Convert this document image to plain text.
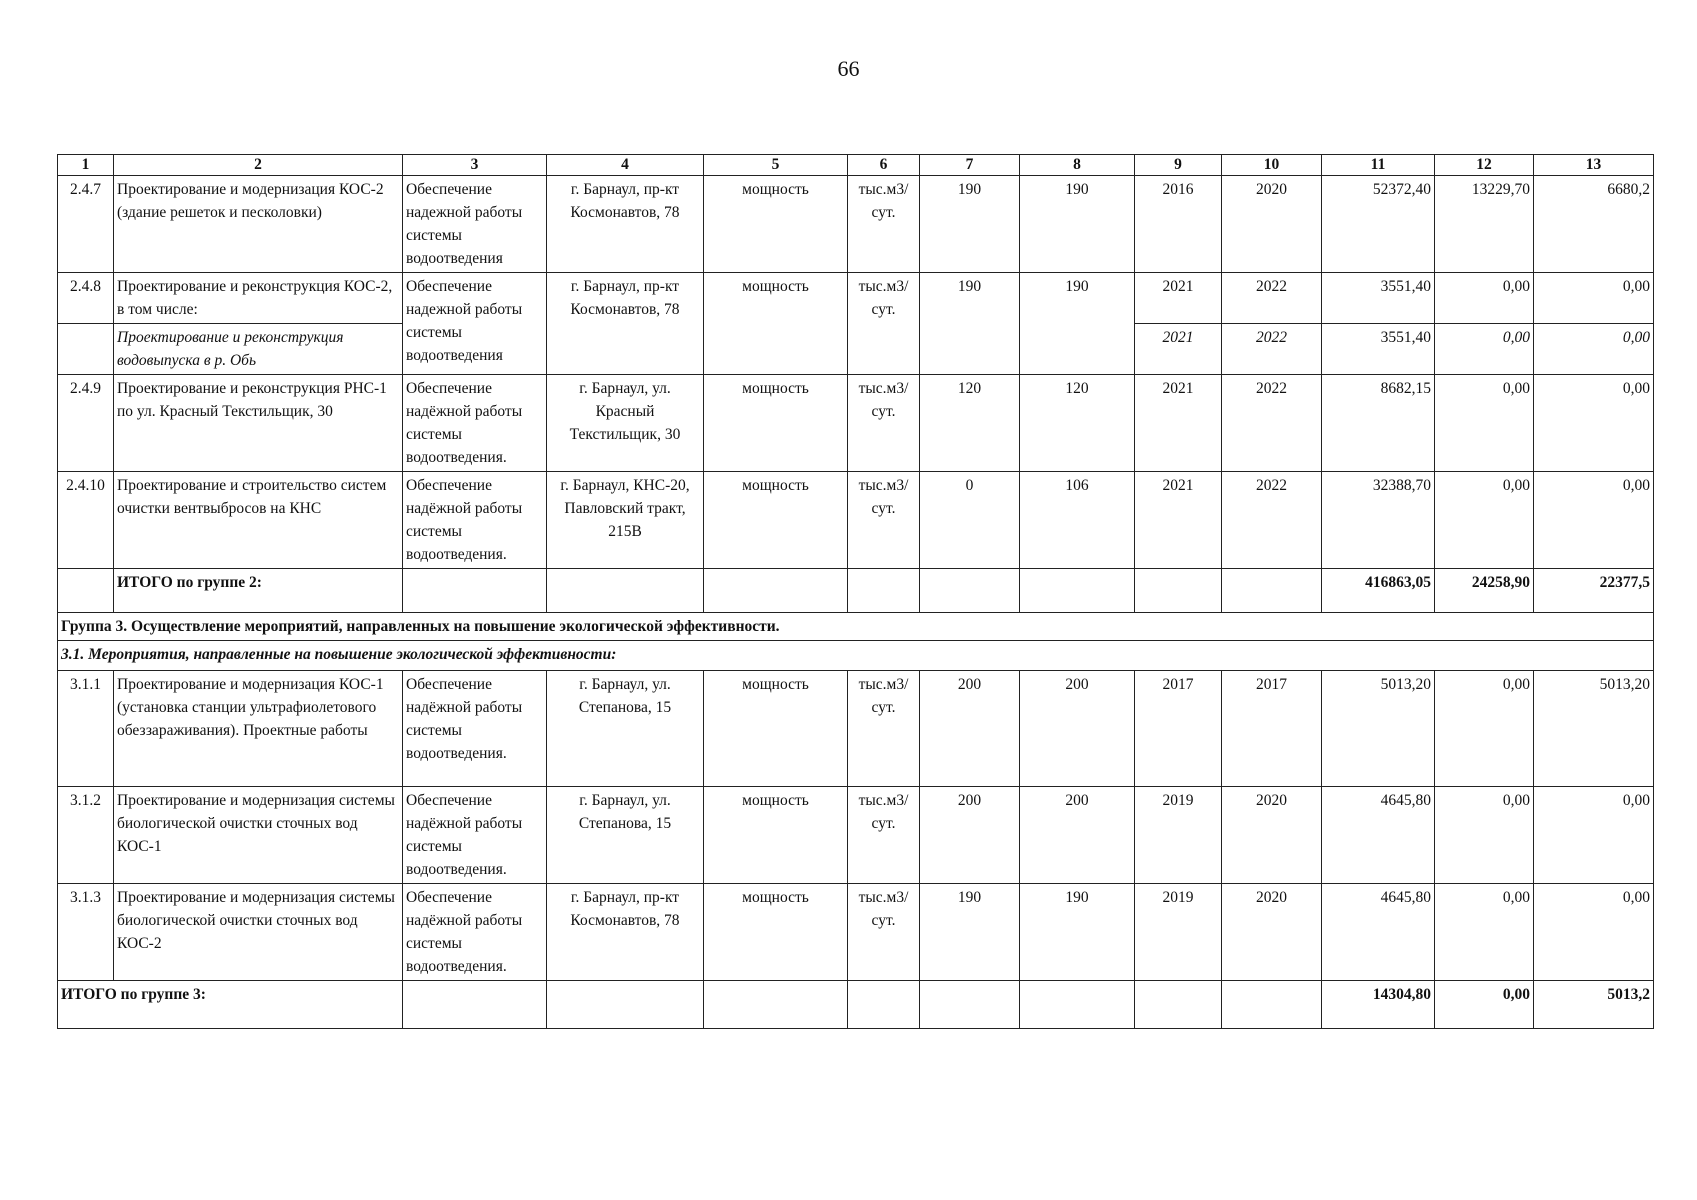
66
1	2	3	4	5	6	7	8	9	10	11	12	13
2.4.7	Проектирование и модернизация КОС-2 (здание решеток и песколовки)	Обеспечение надежной работы системы водоотведения	г. Барнаул, пр-кт Космонавтов, 78	мощность	тыс.м3/сут.	190	190	2016	2020	52372,40	13229,70	6680,2
2.4.8	Проектирование и реконструкция КОС-2, в том числе:	Обеспечение надежной работы системы водоотведения	г. Барнаул, пр-кт Космонавтов, 78	мощность	тыс.м3/сут.	190	190	2021	2022	3551,40	0,00	0,00
	Проектирование и реконструкция водовыпуска в р. Обь							2021	2022	3551,40	0,00	0,00
2.4.9	Проектирование и реконструкция РНС-1 по ул. Красный Текстильщик, 30	Обеспечение надёжной работы системы водоотведения.	г. Барнаул, ул. Красный Текстильщик, 30	мощность	тыс.м3/сут.	120	120	2021	2022	8682,15	0,00	0,00
2.4.10	Проектирование и строительство систем очистки вентвыбросов на КНС	Обеспечение надёжной работы системы водоотведения.	г. Барнаул, КНС-20, Павловский тракт, 215В	мощность	тыс.м3/сут.	0	106	2021	2022	32388,70	0,00	0,00
	ИТОГО по группе 2:									416863,05	24258,90	22377,5
Группа 3. Осуществление мероприятий, направленных на повышение экологической эффективности.												
3.1. Мероприятия, направленные на повышение экологической эффективности:												
3.1.1	Проектирование и модернизация КОС-1 (установка станции ультрафиолетового обеззараживания). Проектные работы	Обеспечение надёжной работы системы водоотведения.	г. Барнаул, ул. Степанова, 15	мощность	тыс.м3/сут.	200	200	2017	2017	5013,20	0,00	5013,20
3.1.2	Проектирование и модернизация системы биологической очистки сточных вод КОС-1	Обеспечение надёжной работы системы водоотведения.	г. Барнаул, ул. Степанова, 15	мощность	тыс.м3/сут.	200	200	2019	2020	4645,80	0,00	0,00
3.1.3	Проектирование и модернизация системы биологической очистки сточных вод КОС-2	Обеспечение надёжной работы системы водоотведения.	г. Барнаул, пр-кт Космонавтов, 78	мощность	тыс.м3/сут.	190	190	2019	2020	4645,80	0,00	0,00
ИТОГО по группе 3:										14304,80	0,00	5013,2
